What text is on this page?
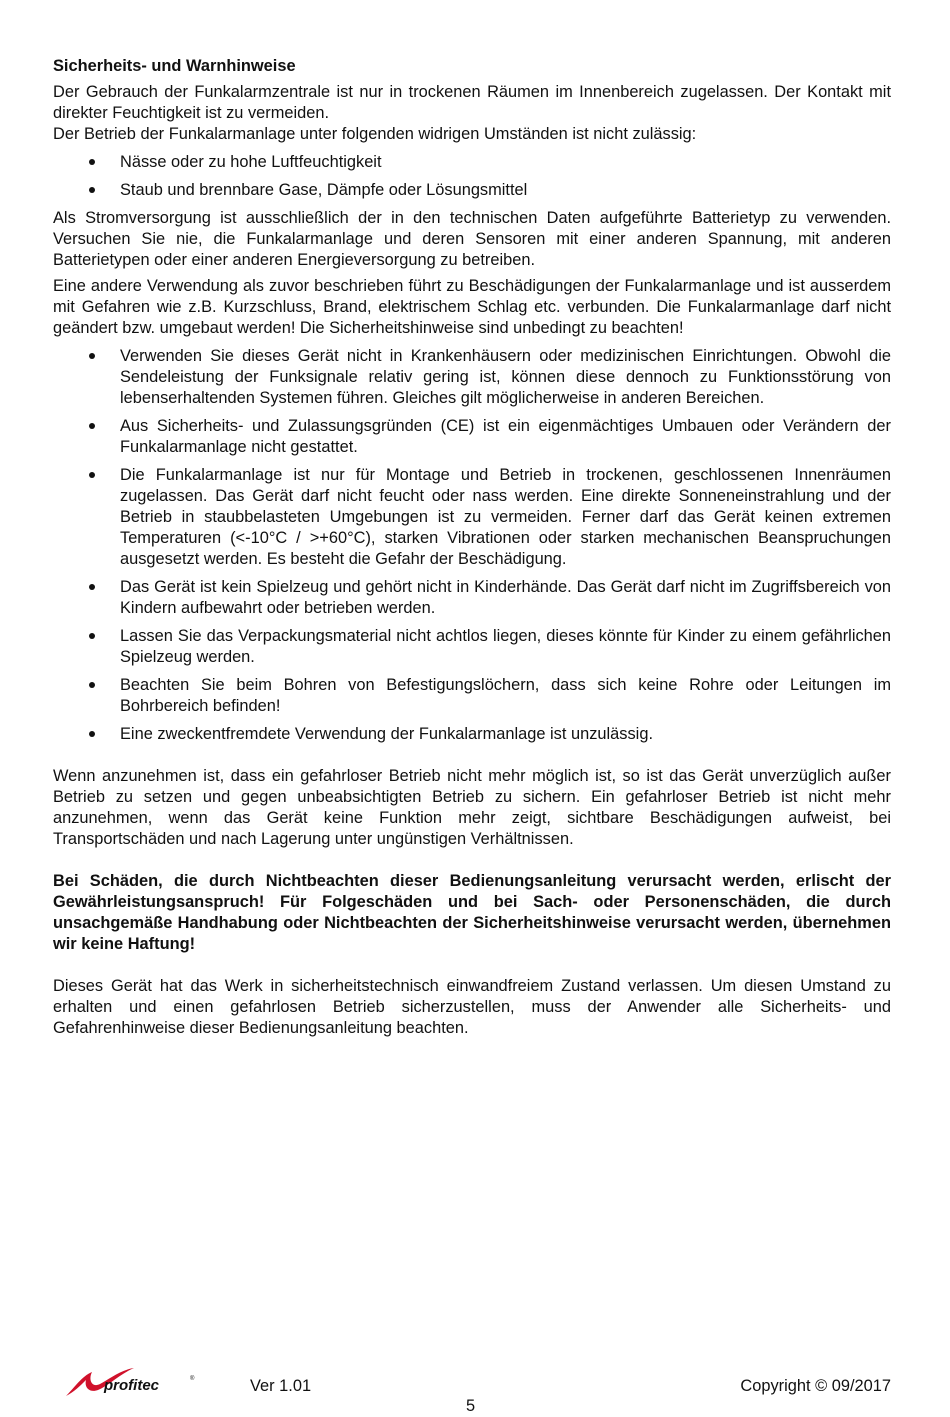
Sicherheits- und Warnhinweise

Der Gebrauch der Funkalarmzentrale ist nur in trockenen Räumen im Innenbereich zugelassen. Der Kontakt mit direkter Feuchtigkeit ist zu vermeiden.

Der Betrieb der Funkalarmanlage unter folgenden widrigen Umständen ist nicht zulässig:

Nässe oder zu hohe Luftfeuchtigkeit
Staub und brennbare Gase, Dämpfe oder Lösungsmittel

Als Stromversorgung ist ausschließlich der in den technischen Daten aufgeführte Batterietyp zu verwenden. Versuchen Sie nie, die Funkalarmanlage und deren Sensoren mit einer anderen Spannung, mit anderen Batterietypen oder einer anderen Energieversorgung zu betreiben.

Eine andere Verwendung als zuvor beschrieben führt zu Beschädigungen der Funkalarmanlage und ist ausserdem mit Gefahren wie z.B. Kurzschluss, Brand, elektrischem Schlag etc. verbunden. Die Funkalarmanlage darf nicht geändert bzw. umgebaut werden! Die Sicherheitshinweise sind unbedingt zu beachten!

Verwenden Sie dieses Gerät nicht in Krankenhäusern oder medizinischen Einrichtungen. Obwohl die Sendeleistung der Funksignale relativ gering ist, können diese dennoch zu Funktionsstörung von lebenserhaltenden Systemen führen. Gleiches gilt möglicherweise in anderen Bereichen.
Aus Sicherheits- und Zulassungsgründen (CE) ist ein eigenmächtiges Umbauen oder Verändern der Funkalarmanlage nicht gestattet.
Die Funkalarmanlage ist nur für Montage und Betrieb in trockenen, geschlossenen Innenräumen zugelassen. Das Gerät darf nicht feucht oder nass werden. Eine direkte Sonneneinstrahlung und der Betrieb in staubbelasteten Umgebungen ist zu vermeiden. Ferner darf das Gerät keinen extremen Temperaturen (<-10°C / >+60°C), starken Vibrationen oder starken mechanischen Beanspruchungen ausgesetzt werden. Es besteht die Gefahr der Beschädigung.
Das Gerät ist kein Spielzeug und gehört nicht in Kinderhände. Das Gerät darf nicht im Zugriffsbereich von Kindern aufbewahrt oder betrieben werden.
Lassen Sie das Verpackungsmaterial nicht achtlos liegen, dieses könnte für Kinder zu einem gefährlichen Spielzeug werden.
Beachten Sie beim Bohren von Befestigungslöchern, dass sich keine Rohre oder Leitungen im Bohrbereich befinden!
Eine zweckentfremdete Verwendung der Funkalarmanlage ist unzulässig.

Wenn anzunehmen ist, dass ein gefahrloser Betrieb nicht mehr möglich ist, so ist das Gerät unverzüglich außer Betrieb zu setzen und gegen unbeabsichtigten Betrieb zu sichern. Ein gefahrloser Betrieb ist nicht mehr anzunehmen, wenn das Gerät keine Funktion mehr zeigt, sichtbare Beschädigungen aufweist, bei Transportschäden und nach Lagerung unter ungünstigen Verhältnissen.

Bei Schäden, die durch Nichtbeachten dieser Bedienungsanleitung verursacht werden, erlischt der Gewährleistungsanspruch! Für Folgeschäden und bei Sach- oder Personenschäden, die durch unsachgemäße Handhabung oder Nichtbeachten der Sicherheitshinweise verursacht werden, übernehmen wir keine Haftung!

Dieses Gerät hat das Werk in sicherheitstechnisch einwandfreiem Zustand verlassen. Um diesen Umstand zu erhalten und einen gefahrlosen Betrieb sicherzustellen, muss der Anwender alle Sicherheits- und Gefahrenhinweise dieser Bedienungsanleitung beachten.

profitec	®	Ver 1.01	Copyright © 09/2017
5
